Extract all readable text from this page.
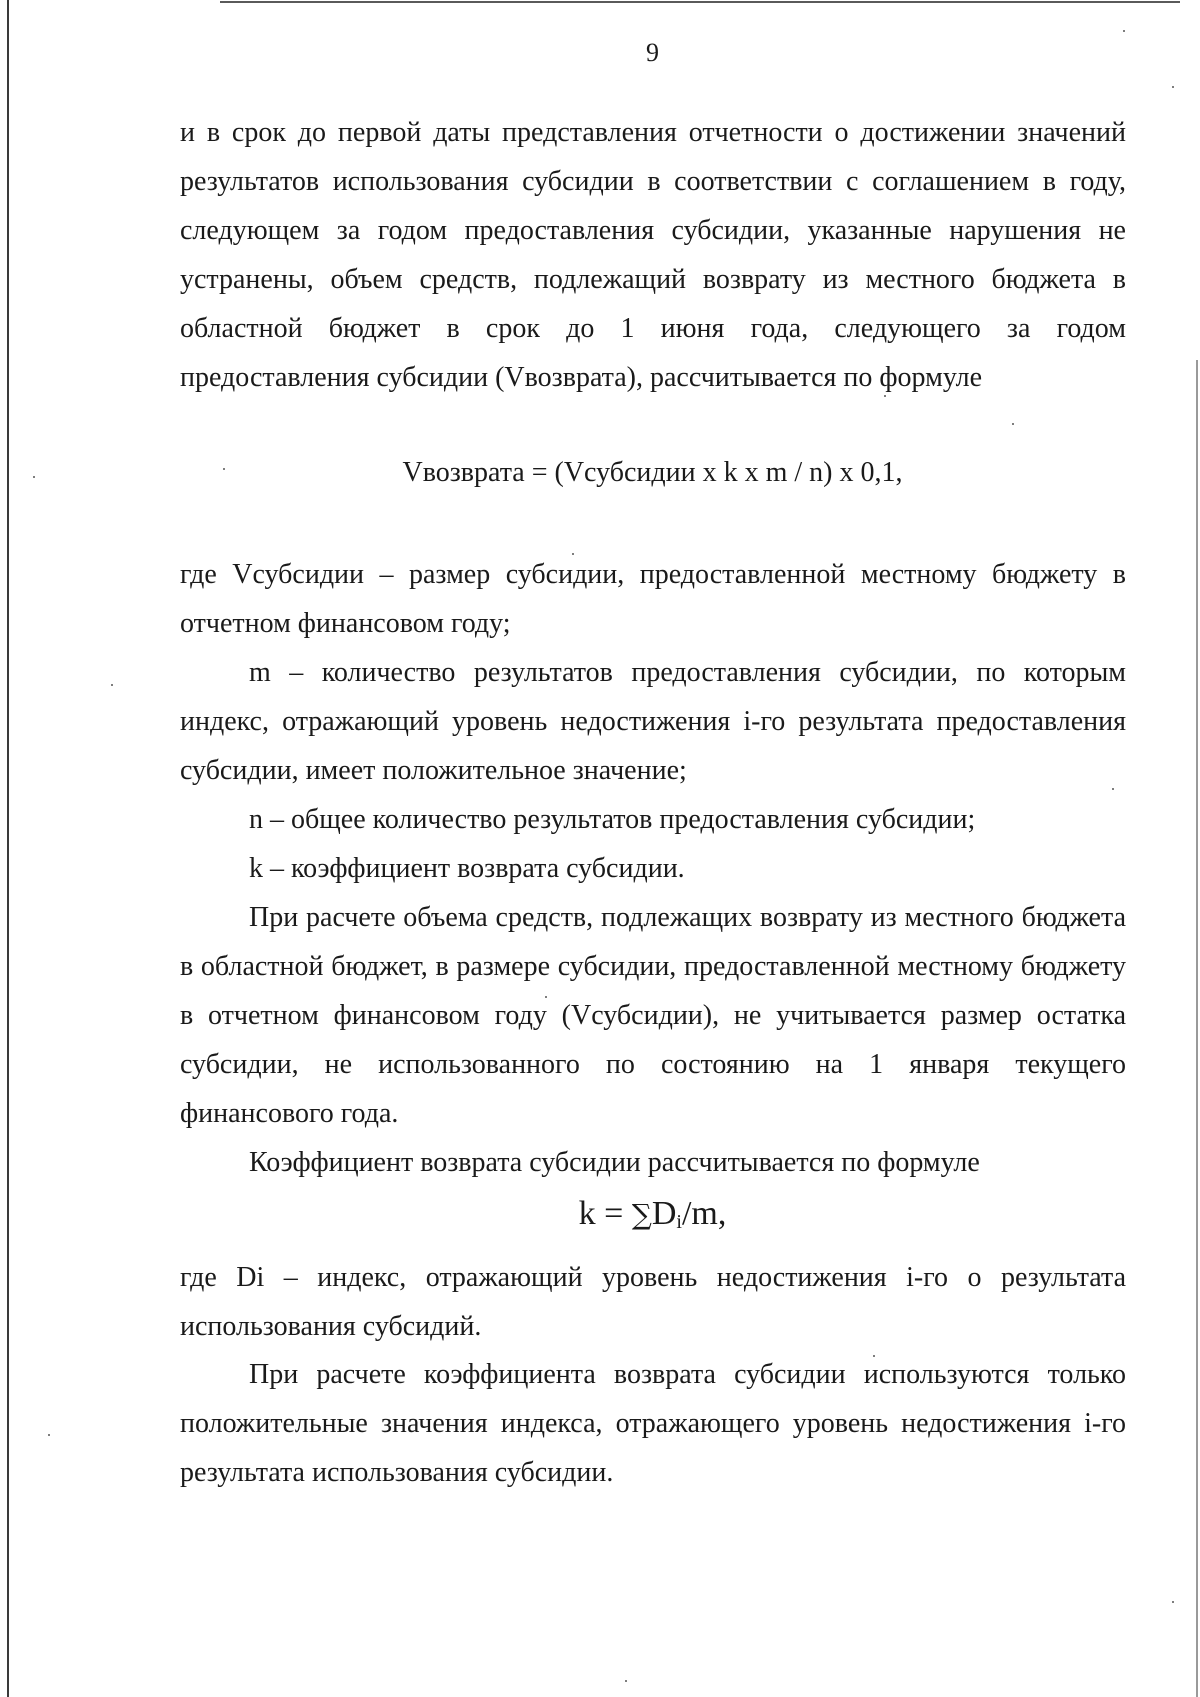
9

и в срок до первой даты представления отчетности о достижении значений результатов использования субсидии в соответствии с соглашением в году, следующем за годом предоставления субсидии, указанные нарушения не устранены, объем средств, подлежащий возврату из местного бюджета в областной бюджет в срок до 1 июня года, следующего за годом предоставления субсидии (Vвозврата), рассчитывается по формуле

Vвозврата = (Vсубсидии x k x m / n) x 0,1,

где Vсубсидии – размер субсидии, предоставленной местному бюджету в отчетном финансовом году;

m – количество результатов предоставления субсидии, по которым индекс, отражающий уровень недостижения i-го результата предоставления субсидии, имеет положительное значение;

n – общее количество результатов предоставления субсидии;

k – коэффициент возврата субсидии.

При расчете объема средств, подлежащих возврату из местного бюджета в областной бюджет, в размере субсидии, предоставленной местному бюджету в отчетном финансовом году (Vсубсидии), не учитывается размер остатка субсидии, не использованного по состоянию на 1 января текущего финансового года.

Коэффициент возврата субсидии рассчитывается по формуле

k = ∑Di/m,

где Di – индекс, отражающий уровень недостижения i-го о результата использования субсидий.

При расчете коэффициента возврата субсидии используются только положительные значения индекса, отражающего уровень недостижения i-го результата использования субсидии.
